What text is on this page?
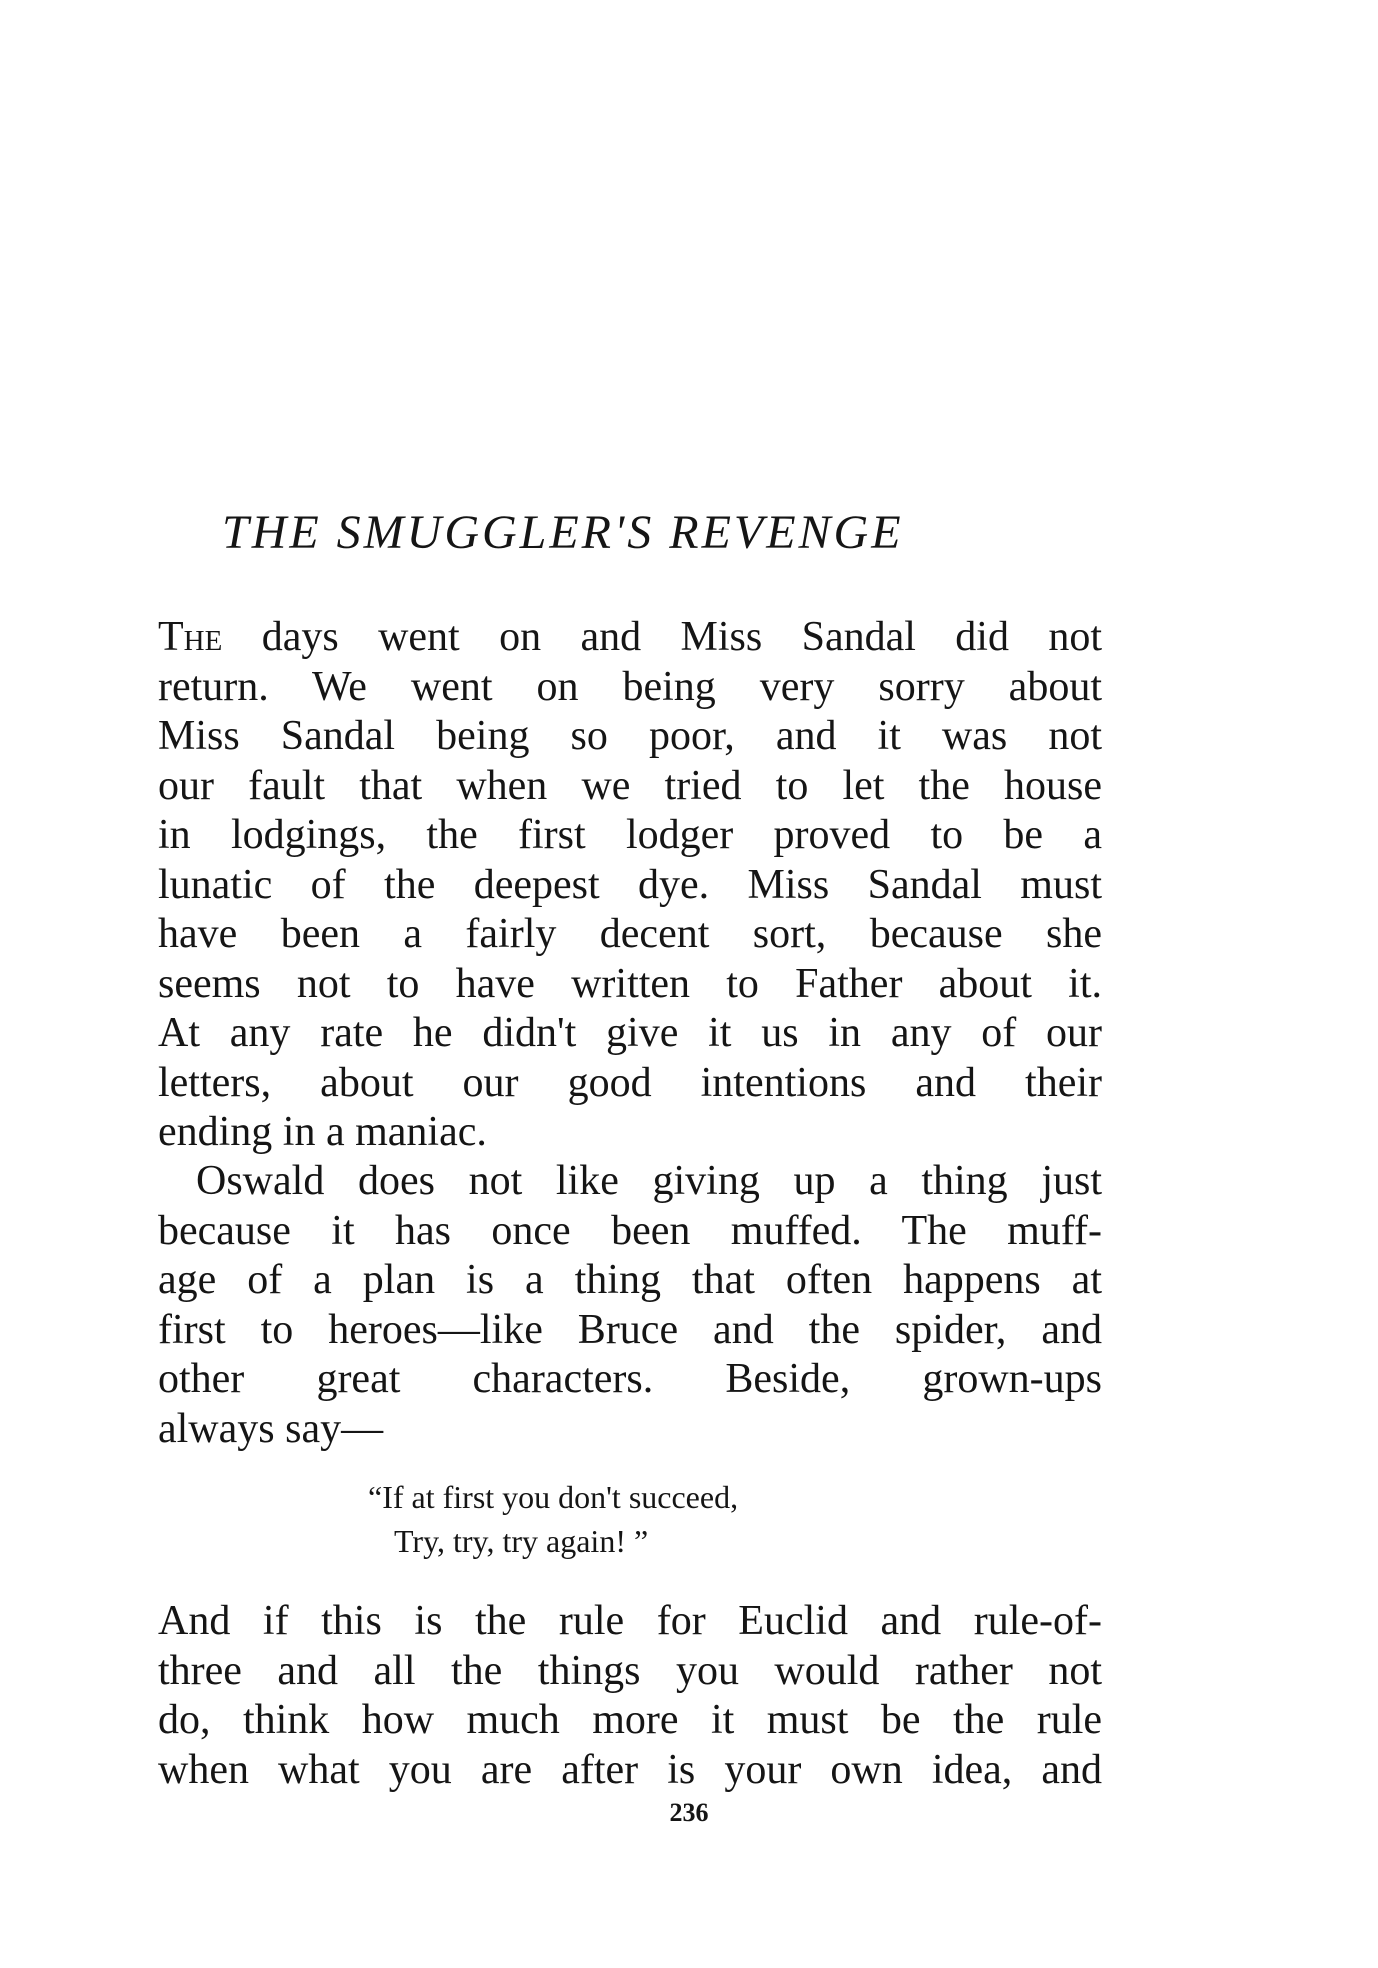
THE SMUGGLER'S REVENGE
The days went on and Miss Sandal did not
return. We went on being very sorry about
Miss Sandal being so poor, and it was not
our fault that when we tried to let the house
in lodgings, the first lodger proved to be a
lunatic of the deepest dye. Miss Sandal must
have been a fairly decent sort, because she
seems not to have written to Father about it.
At any rate he didn't give it us in any of our
letters, about our good intentions and their
ending in a maniac.
Oswald does not like giving up a thing just
because it has once been muffed. The muff-
age of a plan is a thing that often happens at
first to heroes—like Bruce and the spider, and
other great characters. Beside, grown-ups
always say—
“If at first you don't succeed,
Try, try, try again! ”
And if this is the rule for Euclid and rule-of-
three and all the things you would rather not
do, think how much more it must be the rule
when what you are after is your own idea, and
236
